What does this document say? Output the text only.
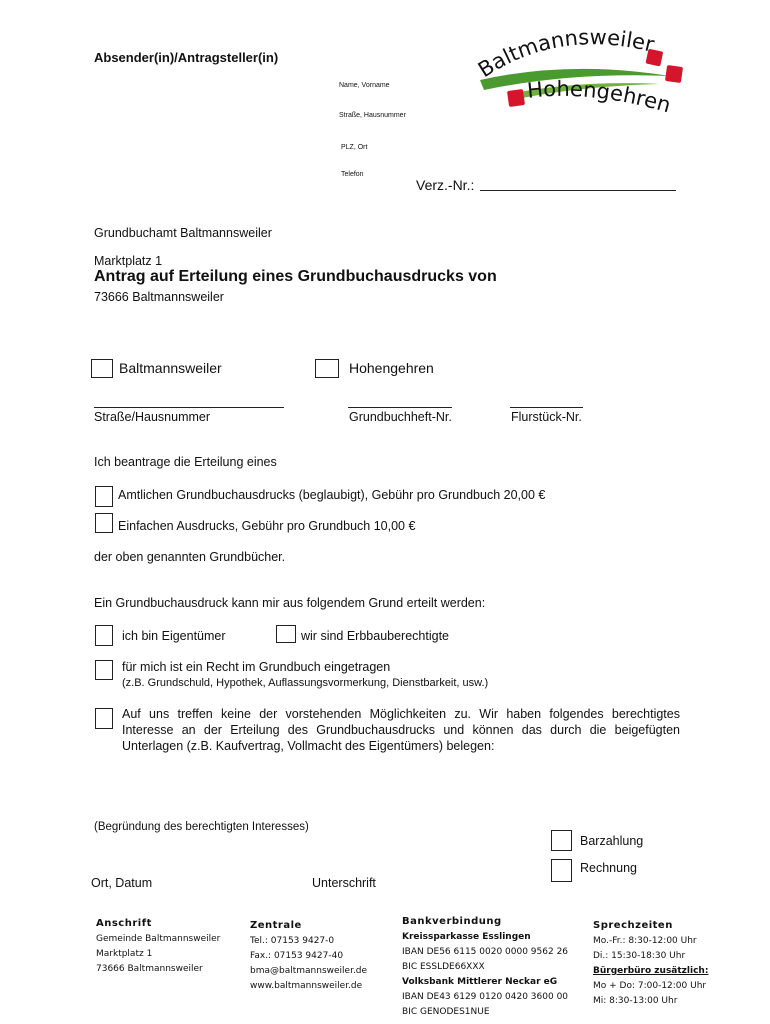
Absender(in)/Antragsteller(in)
Name, Vorname
Straße, Hausnummer
PLZ, Ort
Telefon
Verz.-Nr.:
Baltmannsweiler
Hohengehren
Grundbuchamt Baltmannsweiler
Marktplatz 1
Antrag auf Erteilung eines Grundbuchausdrucks von
73666 Baltmannsweiler
Baltmannsweiler	Hohengehren
Straße/Hausnummer	Grundbuchheft-Nr.	Flurstück-Nr.
Ich beantrage die Erteilung eines
Amtlichen Grundbuchausdrucks (beglaubigt), Gebühr pro Grundbuch 20,00 €
Einfachen Ausdrucks, Gebühr pro Grundbuch 10,00 €
der oben genannten Grundbücher.
Ein Grundbuchausdruck kann mir aus folgendem Grund erteilt werden:
ich bin Eigentümer	wir sind Erbbauberechtigte
für mich ist ein Recht im Grundbuch eingetragen
(z.B. Grundschuld, Hypothek, Auflassungsvormerkung, Dienstbarkeit, usw.)
Auf uns treffen keine der vorstehenden Möglichkeiten zu. Wir haben folgendes berechtigtes Interesse an der Erteilung des Grundbuchausdrucks und können das durch die beigefügten Unterlagen (z.B. Kaufvertrag, Vollmacht des Eigentümers) belegen:
(Begründung des berechtigten Interesses)
Barzahlung
Rechnung
Ort, Datum	Unterschrift
Anschrift
Gemeinde Baltmannsweiler
Marktplatz 1
73666 Baltmannsweiler
Zentrale
Tel.: 07153 9427-0
Fax.: 07153 9427-40
bma@baltmannsweiler.de
www.baltmannsweiler.de
Bankverbindung
Kreissparkasse Esslingen
IBAN DE56 6115 0020 0000 9562 26
BIC ESSLDE66XXX
Volksbank Mittlerer Neckar eG
IBAN DE43 6129 0120 0420 3600 00
BIC GENODES1NUE
Sprechzeiten
Mo.-Fr.: 8:30-12:00 Uhr
Di.: 15:30-18:30 Uhr
Bürgerbüro zusätzlich:
Mo + Do: 7:00-12:00 Uhr
Mi: 8:30-13:00 Uhr
